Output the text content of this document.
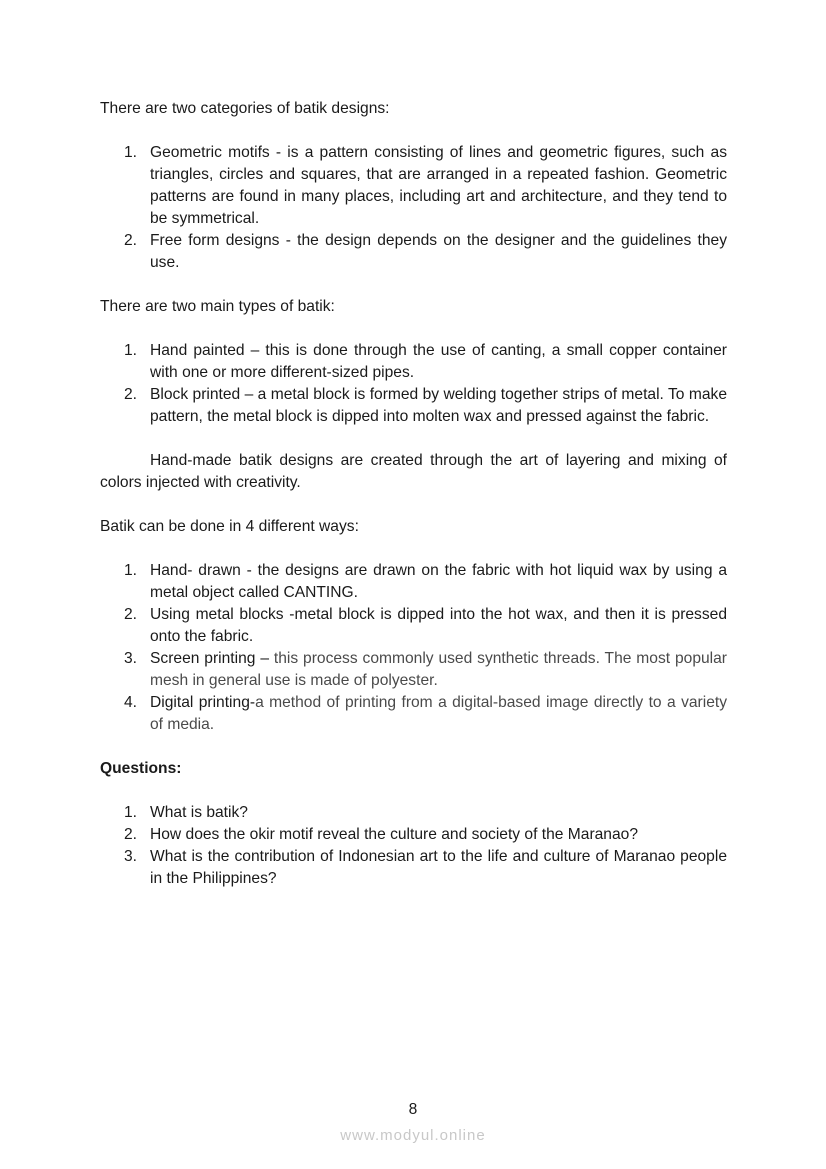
There are two categories of batik designs:

1. Geometric motifs - is a pattern consisting of lines and geometric figures, such as triangles, circles and squares, that are arranged in a repeated fashion. Geometric patterns are found in many places, including art and architecture, and they tend to be symmetrical.
2. Free form designs - the design depends on the designer and the guidelines they use.

There are two main types of batik:

1. Hand painted – this is done through the use of canting, a small copper container with one or more different-sized pipes.
2. Block printed – a metal block is formed by welding together strips of metal. To make pattern, the metal block is dipped into molten wax and pressed against the fabric.

Hand-made batik designs are created through the art of layering and mixing of colors injected with creativity.

Batik can be done in 4 different ways:

1. Hand- drawn - the designs are drawn on the fabric with hot liquid wax by using a metal object called CANTING.
2. Using metal blocks -metal block is dipped into the hot wax, and then it is pressed onto the fabric.
3. Screen printing – this process commonly used synthetic threads. The most popular mesh in general use is made of polyester.
4. Digital printing-a method of printing from a digital-based image directly to a variety of media.

Questions:

1. What is batik?
2. How does the okir motif reveal the culture and society of the Maranao?
3. What is the contribution of Indonesian art to the life and culture of Maranao people in the Philippines?
8
www.modyul.online
